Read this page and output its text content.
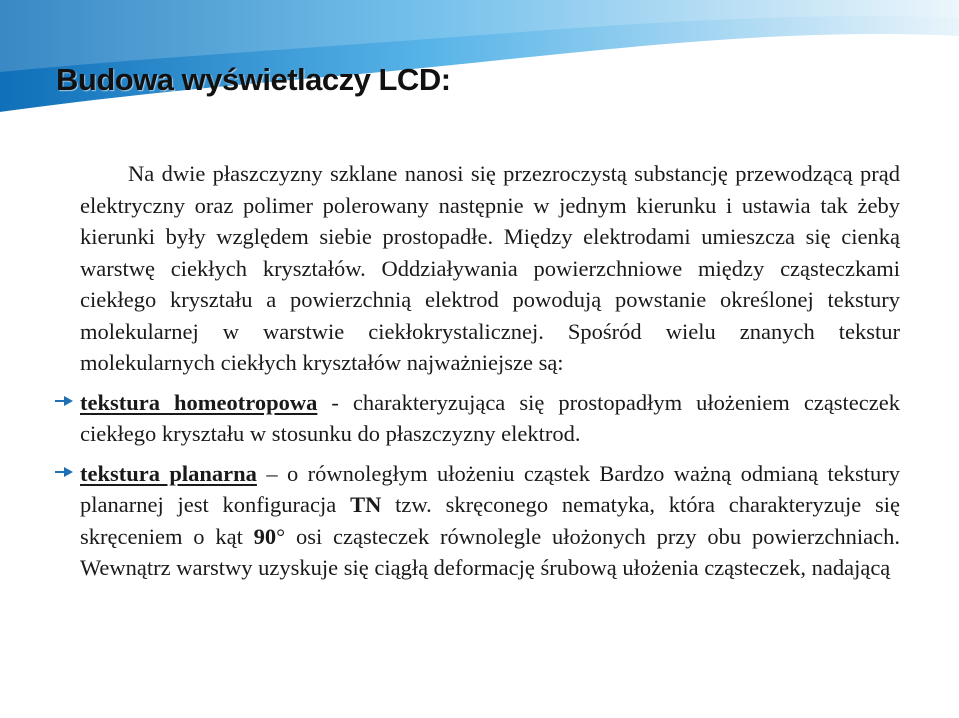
Budowa wyświetlaczy LCD:

Na dwie płaszczyzny szklane nanosi się przezroczystą substancję przewodzącą prąd elektryczny oraz polimer polerowany następnie w jednym kierunku i ustawia tak żeby kierunki były względem siebie prostopadłe. Między elektrodami umieszcza się cienką warstwę ciekłych kryształów. Oddziaływania powierzchniowe między cząsteczkami ciekłego kryształu a powierzchnią elektrod powodują powstanie określonej tekstury molekularnej w warstwie ciekłokrystalicznej. Spośród wielu znanych tekstur molekularnych ciekłych kryształów najważniejsze są:

tekstura homeotropowa - charakteryzująca się prostopadłym ułożeniem cząsteczek ciekłego kryształu w stosunku do płaszczyzny elektrod.

tekstura planarna – o równoległym ułożeniu cząstek Bardzo ważną odmianą tekstury planarnej jest konfiguracja TN tzw. skręconego nematyka, która charakteryzuje się skręceniem o kąt 90° osi cząsteczek równolegle ułożonych przy obu powierzchniach. Wewnątrz warstwy uzyskuje się ciągłą deformację śrubową ułożenia cząsteczek, nadającą
